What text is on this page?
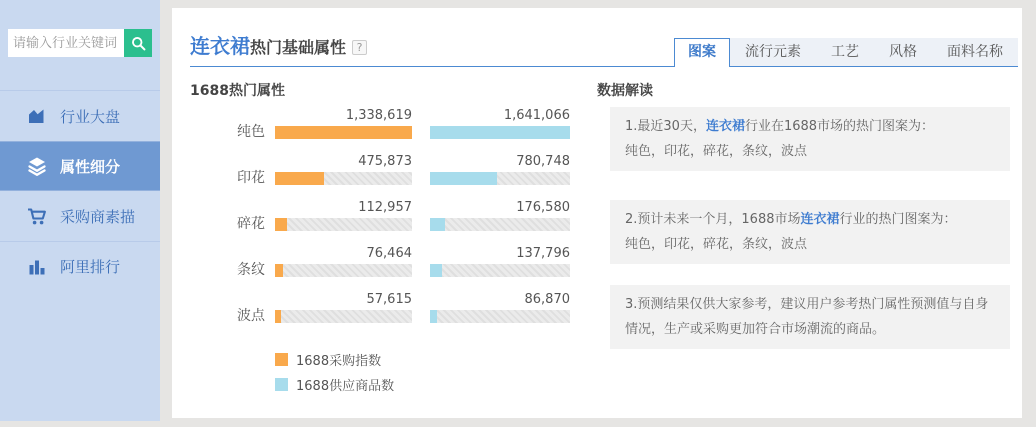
请输入行业关键词
行业大盘
属性细分
采购商素描
阿里排行
连衣裙热门基础属性 ?	图案	流行元素	工艺	风格	面料名称
1688热门属性
纯色
1,338,619	1,641,066
印花
475,873	780,748
碎花
112,957	176,580
条纹
76,464	137,796
波点
57,615	86,870
1688采购指数
1688供应商品数
数据解读
1.最近30天，连衣裙行业在1688市场的热门图案为：
纯色，印花，碎花，条纹，波点
2.预计未来一个月，1688市场连衣裙行业的热门图案为：
纯色，印花，碎花，条纹，波点
3.预测结果仅供大家参考，建议用户参考热门属性预测值与自身情况，生产或采购更加符合市场潮流的商品。
